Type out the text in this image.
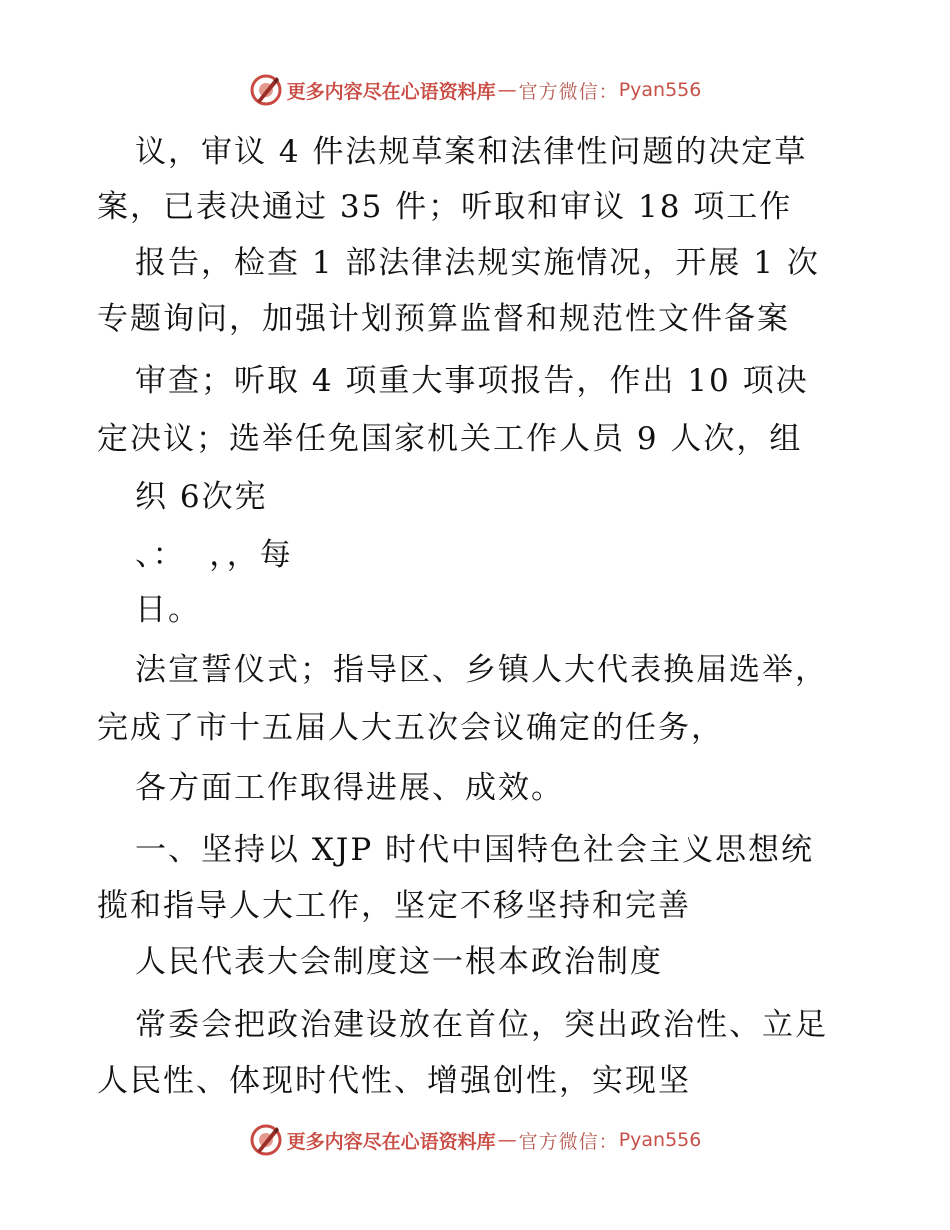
更多内容尽在心语资料库 — 官方微信： Pyan556
议，审议 4 件法规草案和法律性问题的决定草
案，已表决通过 35 件；听取和审议 18 项工作
报告，检查 1 部法律法规实施情况，开展 1 次
专题询问，加强计划预算监督和规范性文件备案
审查；听取 4 项重大事项报告，作出 10 项决
定决议；选举任免国家机关工作人员 9 人次，组
织 6次宪
、：  ，，每
日。
法宣誓仪式；指导区、乡镇人大代表换届选举，
完成了市十五届人大五次会议确定的任务，
各方面工作取得进展、成效。
一、坚持以 XJP 时代中国特色社会主义思想统
揽和指导人大工作，坚定不移坚持和完善
人民代表大会制度这一根本政治制度
常委会把政治建设放在首位，突出政治性、立足
人民性、体现时代性、增强创性，实现坚
更多内容尽在心语资料库 — 官方微信： Pyan556
